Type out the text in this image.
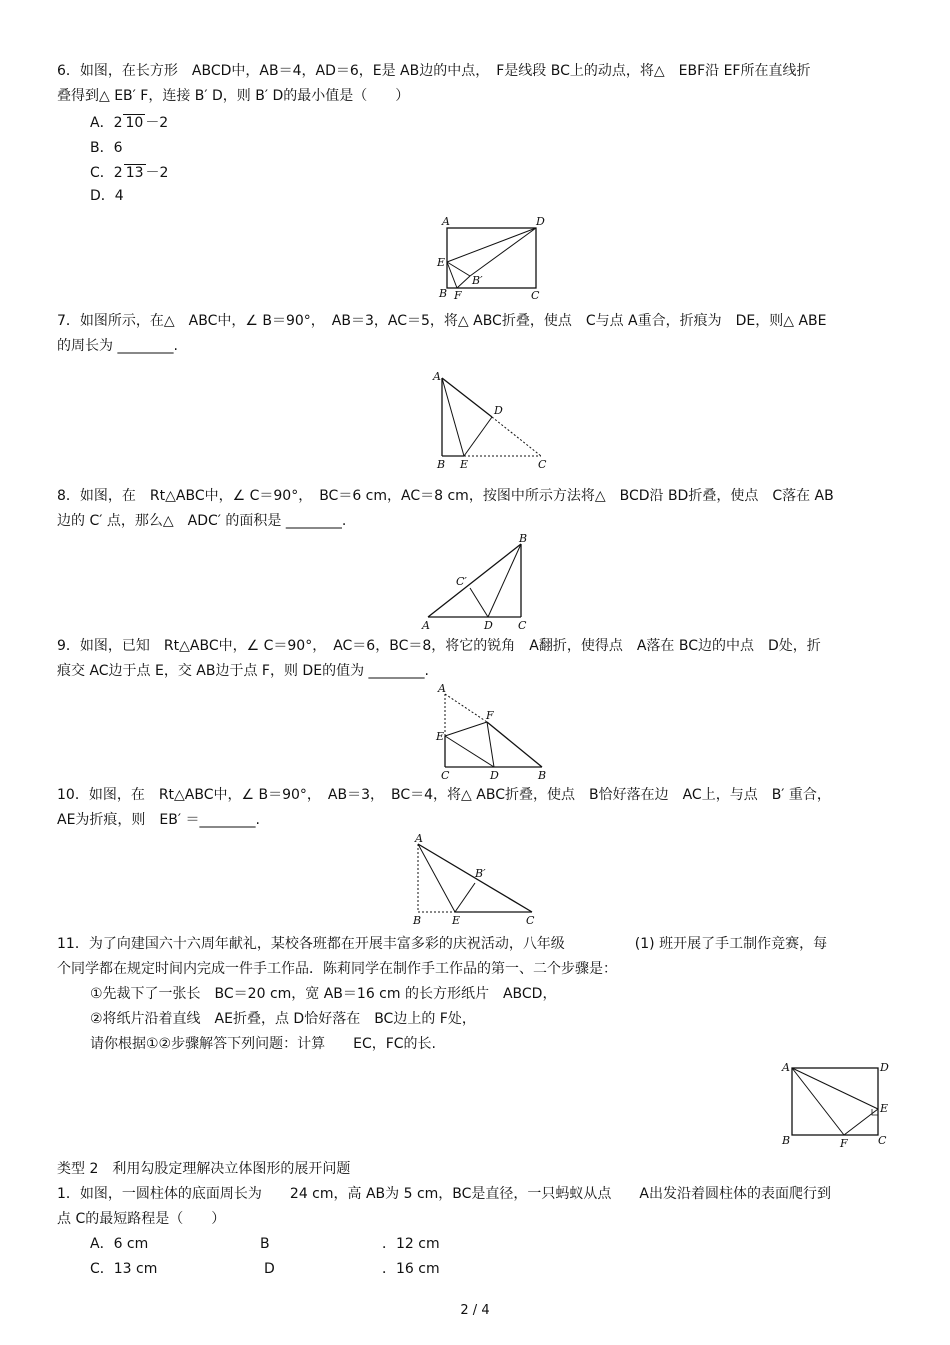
6．如图，在长方形　ABCD中，AB＝4，AD＝6，E是 AB边的中点，　F是线段 BC上的动点，将△　EBF沿 EF所在直线折
叠得到△ EB′ F，连接 B′ D，则 B′ D的最小值是（　　）
A．2 10 －2
B．6
C．2 13 －2
D．4
A	D
E
B′
B F	C
7．如图所示，在△　ABC中，∠ B＝90°，　AB＝3，AC＝5，将△ ABC折叠，使点　C与点 A重合，折痕为　DE，则△ ABE
的周长为 ________.
A
D
B E	C
8．如图，在　Rt△ABC中，∠ C＝90°，　BC＝6 cm，AC＝8 cm，按图中所示方法将△　BCD沿 BD折叠，使点　C落在 AB
边的 C′ 点，那么△　ADC′ 的面积是 ________.
B
C′
A	D C
9．如图，已知　Rt△ABC中，∠ C＝90°，　AC＝6，BC＝8，将它的锐角　A翻折，使得点　A落在 BC边的中点　D处，折
痕交 AC边于点 E，交 AB边于点 F，则 DE的值为 ________.
A
F
E
C	D	B
10．如图，在　Rt△ABC中，∠ B＝90°，　AB＝3，　BC＝4，将△ ABC折叠，使点　B恰好落在边　AC上，与点　B′ 重合，
AE为折痕，则　EB′ ＝________.
A
B′
B	E	C
11．为了向建国六十六周年献礼，某校各班都在开展丰富多彩的庆祝活动，八年级　　　　　(1) 班开展了手工制作竞赛，每
个同学都在规定时间内完成一件手工作品．陈莉同学在制作手工作品的第一、二个步骤是：
①先裁下了一张长　BC＝20 cm，宽 AB＝16 cm 的长方形纸片　ABCD，
②将纸片沿着直线　AE折叠，点 D恰好落在　BC边上的 F处，
请你根据①②步骤解答下列问题：计算　　EC，FC的长.
A	D
E
B	F	C
类型 2　利用勾股定理解决立体图形的展开问题
1．如图，一圆柱体的底面周长为　　24 cm，高 AB为 5 cm，BC是直径，一只蚂蚁从点　　A出发沿着圆柱体的表面爬行到
点 C的最短路程是（　　）
A．6 cm	B	．12 cm
C．13 cm	D	．16 cm
2 / 4
